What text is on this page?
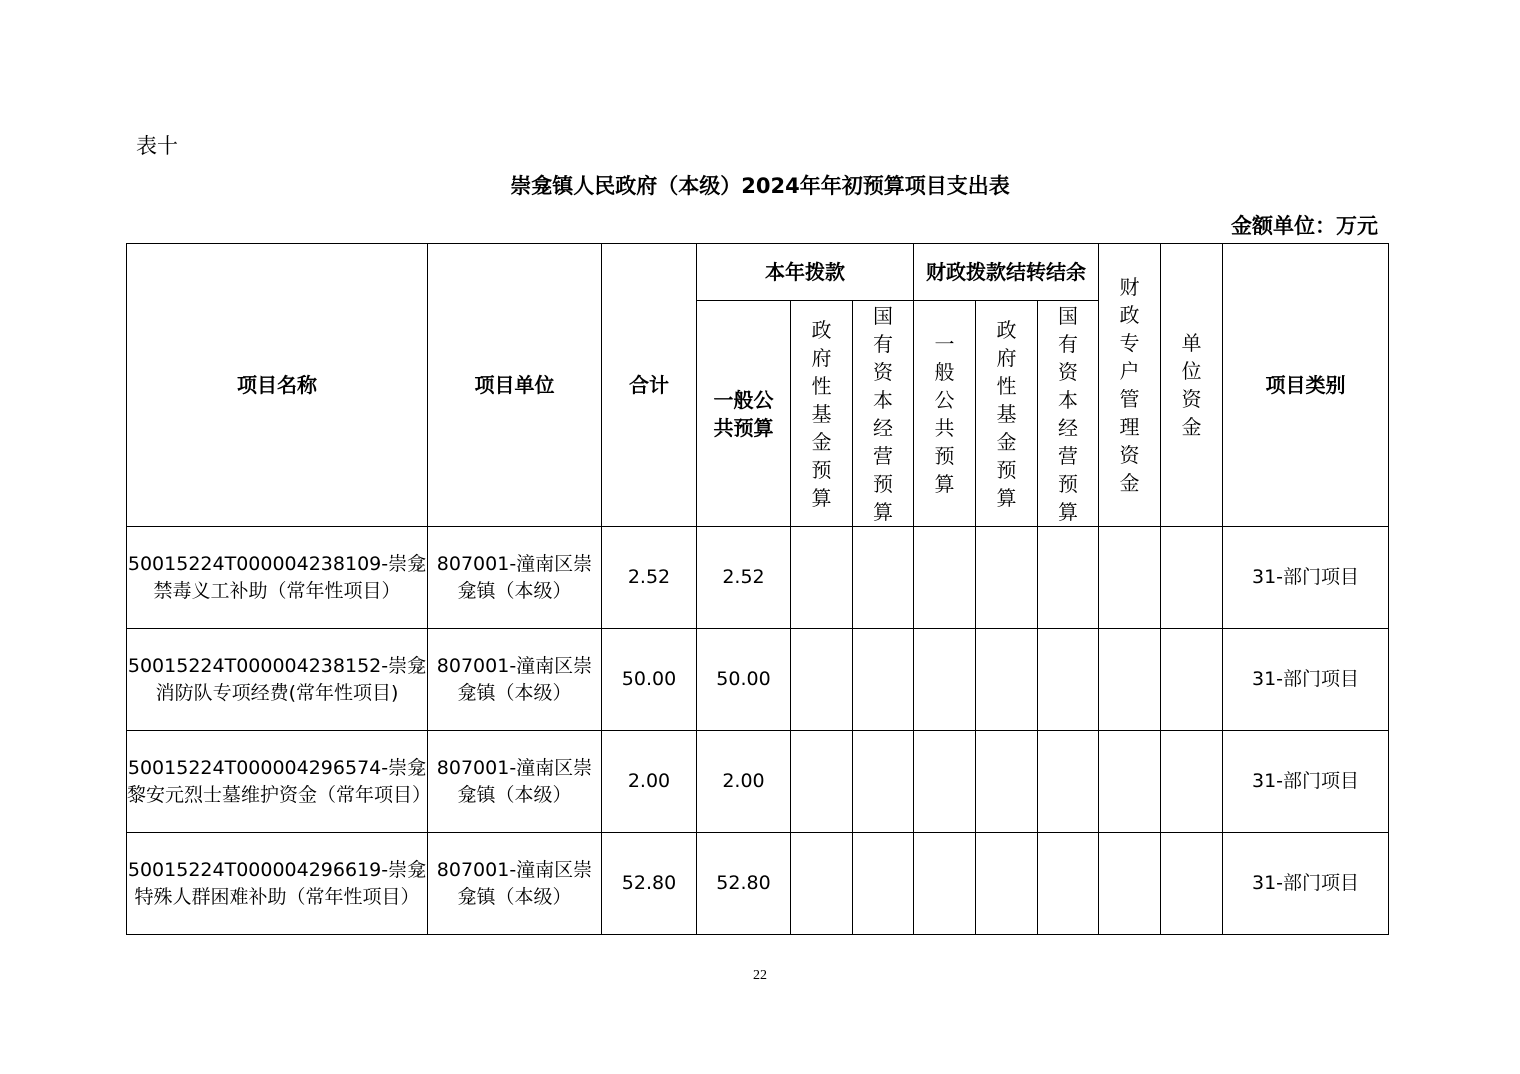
表十
崇龛镇人民政府（本级）2024年年初预算项目支出表
金额单位：万元
项目名称	项目单位	合计	本年拨款			财政拨款结转结余			财政专户管理资金	单位资金	项目类别
			一般公共预算	政府性基金预算	国有资本经营预算	一般公共预算	政府性基金预算	国有资本经营预算			
50015224T000004238109-崇龛禁毒义工补助（常年性项目）	807001-潼南区崇龛镇（本级）	2.52	2.52								31-部门项目
50015224T000004238152-崇龛消防队专项经费(常年性项目)	807001-潼南区崇龛镇（本级）	50.00	50.00								31-部门项目
50015224T000004296574-崇龛黎安元烈士墓维护资金（常年项目）	807001-潼南区崇龛镇（本级）	2.00	2.00								31-部门项目
50015224T000004296619-崇龛特殊人群困难补助（常年性项目）	807001-潼南区崇龛镇（本级）	52.80	52.80								31-部门项目
22
